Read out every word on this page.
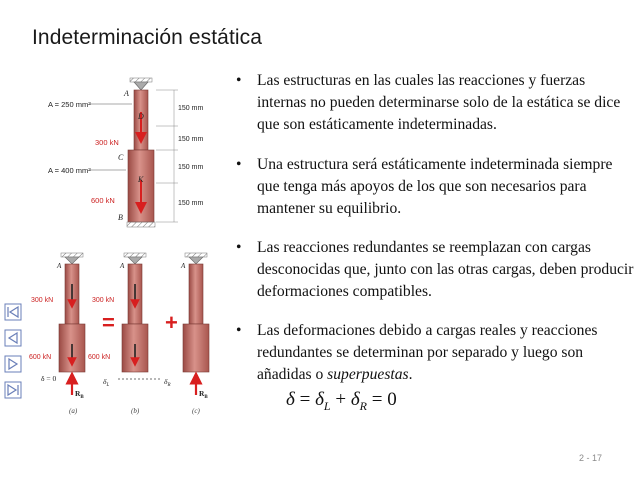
Indeterminación estática
• Las estructuras en las cuales las reacciones y fuerzas internas no pueden determinarse solo de la estática se dice que son estáticamente indeterminadas.
• Una estructura será estáticamente indeterminada siempre que tenga más apoyos de los que son necesarios para mantener su equilibrio.
• Las reacciones redundantes se reemplazan con cargas desconocidas que, junto con las otras cargas, deben producir deformaciones compatibles.
• Las deformaciones debido a cargas reales y reacciones redundantes se determinan por separado y luego son añadidas o superpuestas.
$\delta = \delta_L + \delta_R = 0$
2 - 17
A = 250 mm²
A = 400 mm²
300 kN
600 kN
A
D
C
K
B
150 mm
150 mm
150 mm
150 mm
A
300 kN
600 kN
δ = 0
$R_B$
(a)
=
A
300 kN
600 kN
$\delta_L$
(b)
+
A
$\delta_R$
$R_B$
(c)
